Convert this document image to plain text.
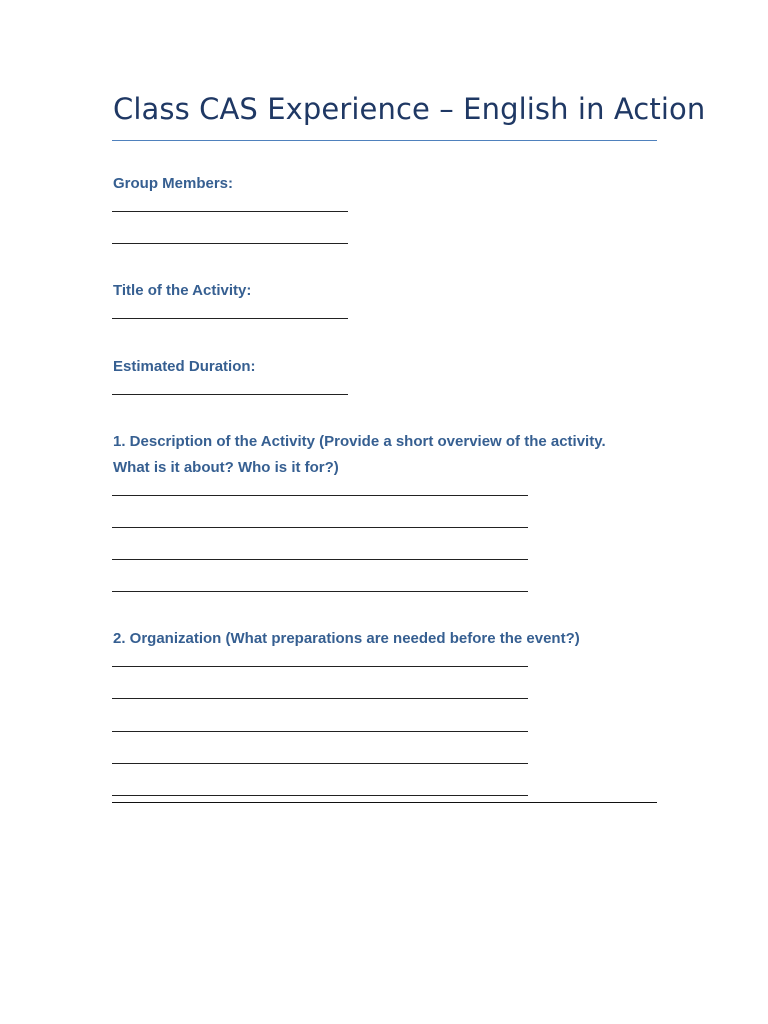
Class CAS Experience – English in Action
Group Members:
Title of the Activity:
Estimated Duration:
1. Description of the Activity (Provide a short overview of the activity.
What is it about? Who is it for?)
2. Organization (What preparations are needed before the event?)
